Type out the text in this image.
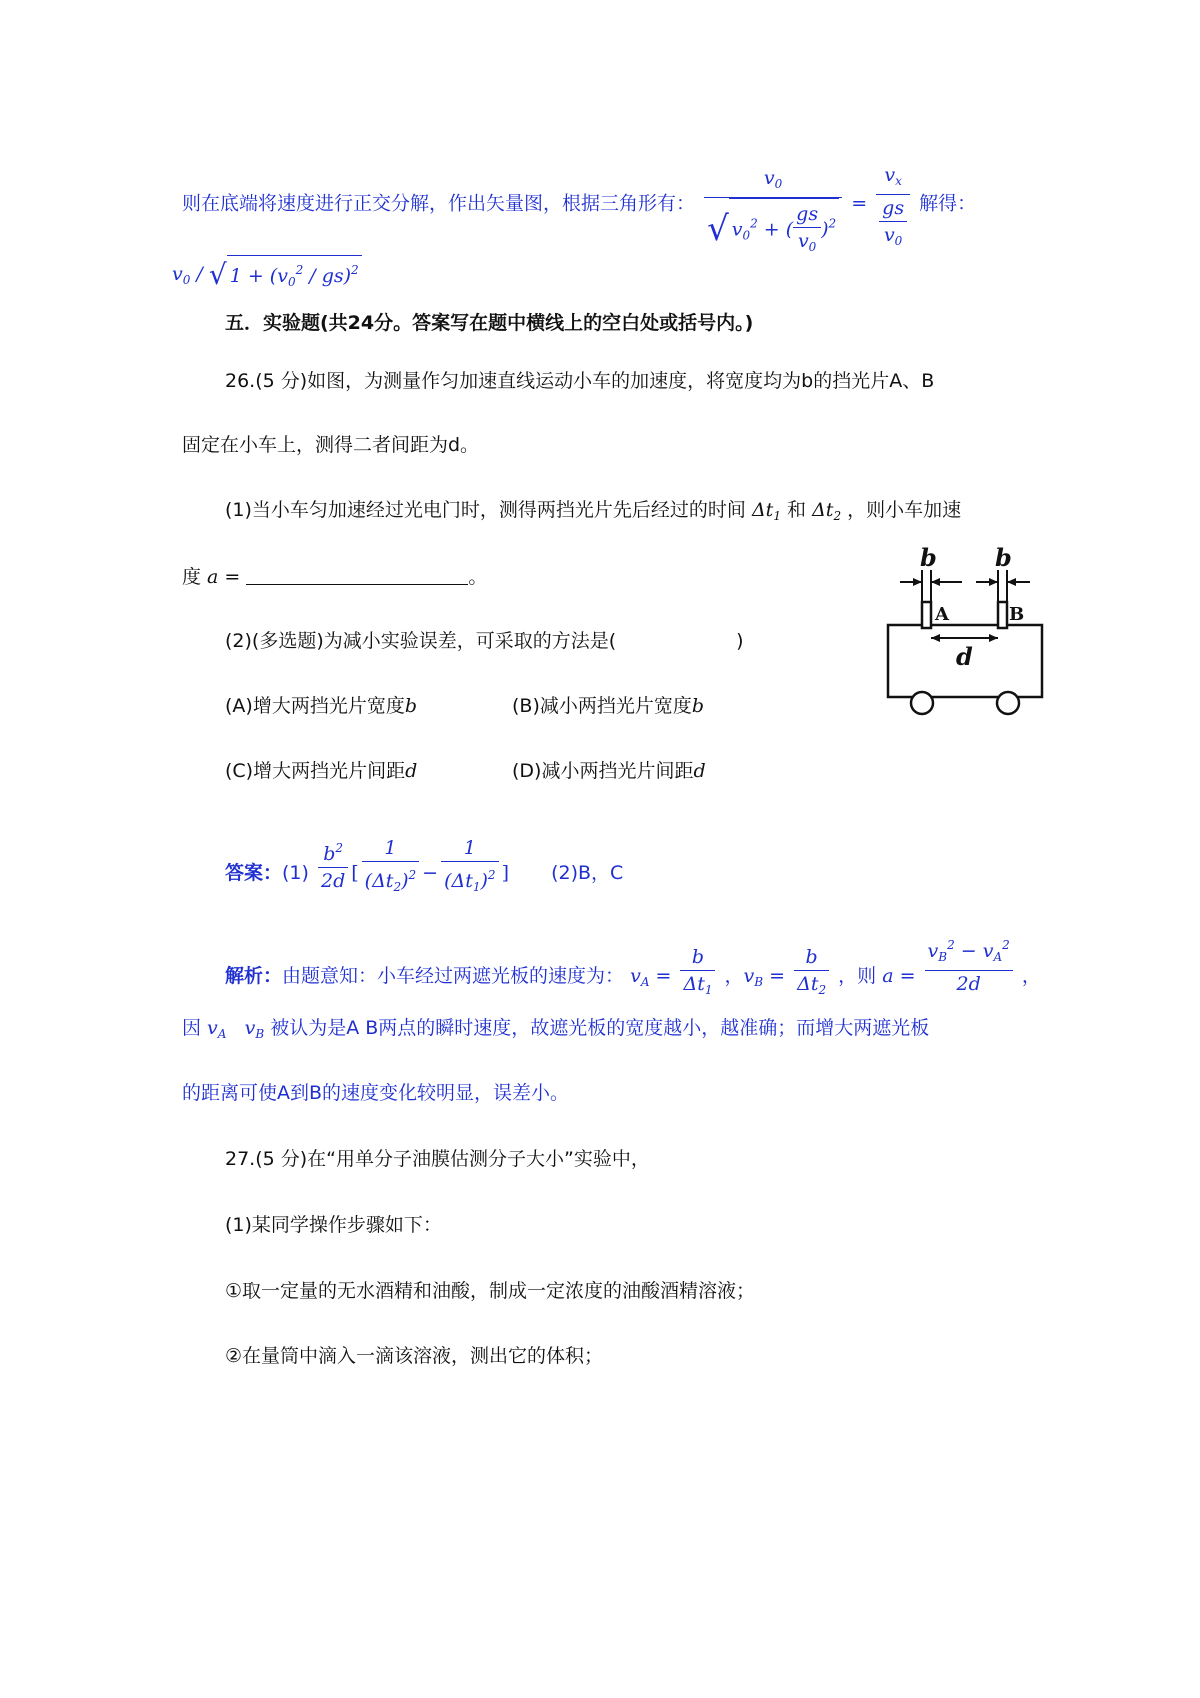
则在底端将速度进行正交分解，作出矢量图，根据三角形有： $\frac{v_0}{√ v_0^2 + ( \frac{gs}{v_0} )^2} = \frac{v_x}{\frac{gs}{v_0}}$ 解得：
$v_0$ / √ $1 + (v_0^2 / gs)^2$
五．实验题(共24分。答案写在题中横线上的空白处或括号内。)
26.(5 分)如图，为测量作匀加速直线运动小车的加速度，将宽度均为b的挡光片A、B
固定在小车上，测得二者间距为d。
(1)当小车匀加速经过光电门时，测得两挡光片先后经过的时间 $\Delta t_1$ 和 $\Delta t_2$ ，则小车加速
度 a =	。
(2)(多选题)为减小实验误差，可采取的方法是(	)
(A)增大两挡光片宽度b	(B)减小两挡光片宽度b
(C)增大两挡光片间距d	(D)减小两挡光片间距d
答案：$(1) \frac{b^2}{2d}$ [ $\frac{1}{(\Delta t_2)^2} - \frac{1}{(\Delta t_1)^2}$ ] (2)B，C
解析：由题意知：小车经过两遮光板的速度为： $v_A = \frac{b}{\Delta t_1}$ ，$v_B = \frac{b}{\Delta t_2}$ ，则 $a = \frac{v_B^2 - v_A^2}{2d}$ ，
因 $v_A$   $v_B$ 被认为是A B两点的瞬时速度，故遮光板的宽度越小，越准确；而增大两遮光板
的距离可使A到B的速度变化较明显，误差小。
27.(5 分)在“用单分子油膜估测分子大小”实验中，
(1)某同学操作步骤如下：
①取一定量的无水酒精和油酸，制成一定浓度的油酸酒精溶液；
②在量筒中滴入一滴该溶液，测出它的体积；
b b
A	B
d
